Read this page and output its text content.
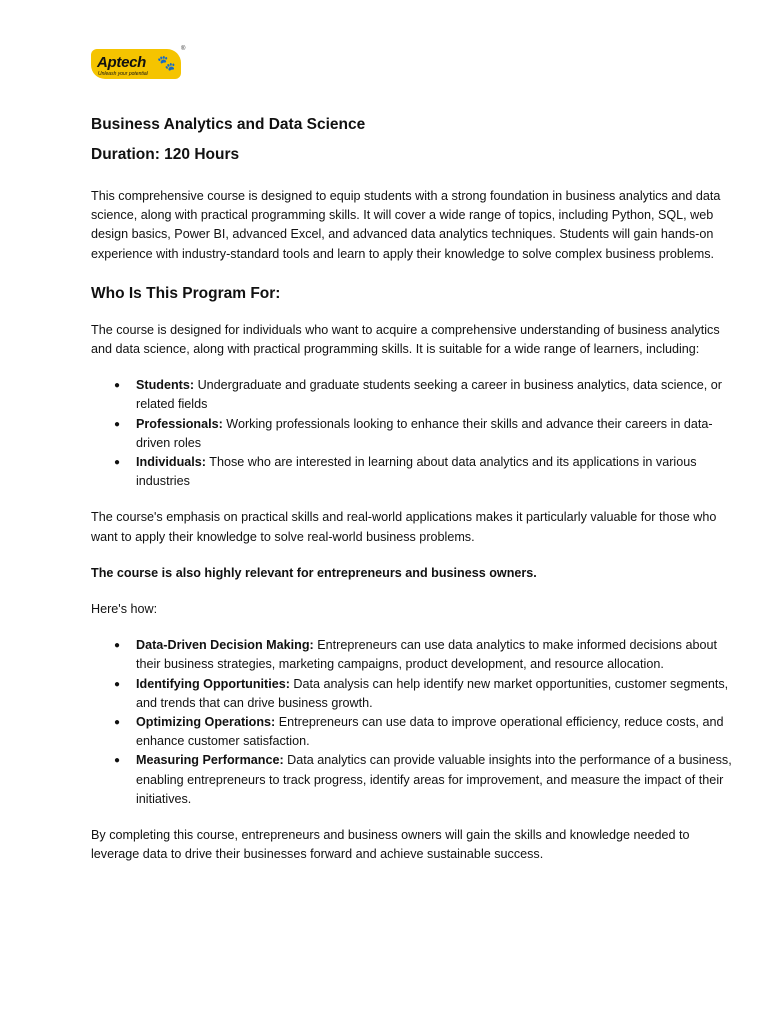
Aptech 🐾
Unleash your potential
®
Business Analytics and Data Science
Duration: 120 Hours

This comprehensive course is designed to equip students with a strong foundation in business analytics and data science, along with practical programming skills. It will cover a wide range of topics, including Python, SQL, web design basics, Power BI, advanced Excel, and advanced data analytics techniques. Students will gain hands-on experience with industry-standard tools and learn to apply their knowledge to solve complex business problems.

Who Is This Program For:

The course is designed for individuals who want to acquire a comprehensive understanding of business analytics and data science, along with practical programming skills. It is suitable for a wide range of learners, including:

● Students: Undergraduate and graduate students seeking a career in business analytics, data science, or related fields
● Professionals: Working professionals looking to enhance their skills and advance their careers in data-driven roles
● Individuals: Those who are interested in learning about data analytics and its applications in various industries

The course's emphasis on practical skills and real-world applications makes it particularly valuable for those who want to apply their knowledge to solve real-world business problems.

The course is also highly relevant for entrepreneurs and business owners.

Here's how:

● Data-Driven Decision Making: Entrepreneurs can use data analytics to make informed decisions about their business strategies, marketing campaigns, product development, and resource allocation.
● Identifying Opportunities: Data analysis can help identify new market opportunities, customer segments, and trends that can drive business growth.
● Optimizing Operations: Entrepreneurs can use data to improve operational efficiency, reduce costs, and enhance customer satisfaction.
● Measuring Performance: Data analytics can provide valuable insights into the performance of a business, enabling entrepreneurs to track progress, identify areas for improvement, and measure the impact of their initiatives.

By completing this course, entrepreneurs and business owners will gain the skills and knowledge needed to leverage data to drive their businesses forward and achieve sustainable success.
